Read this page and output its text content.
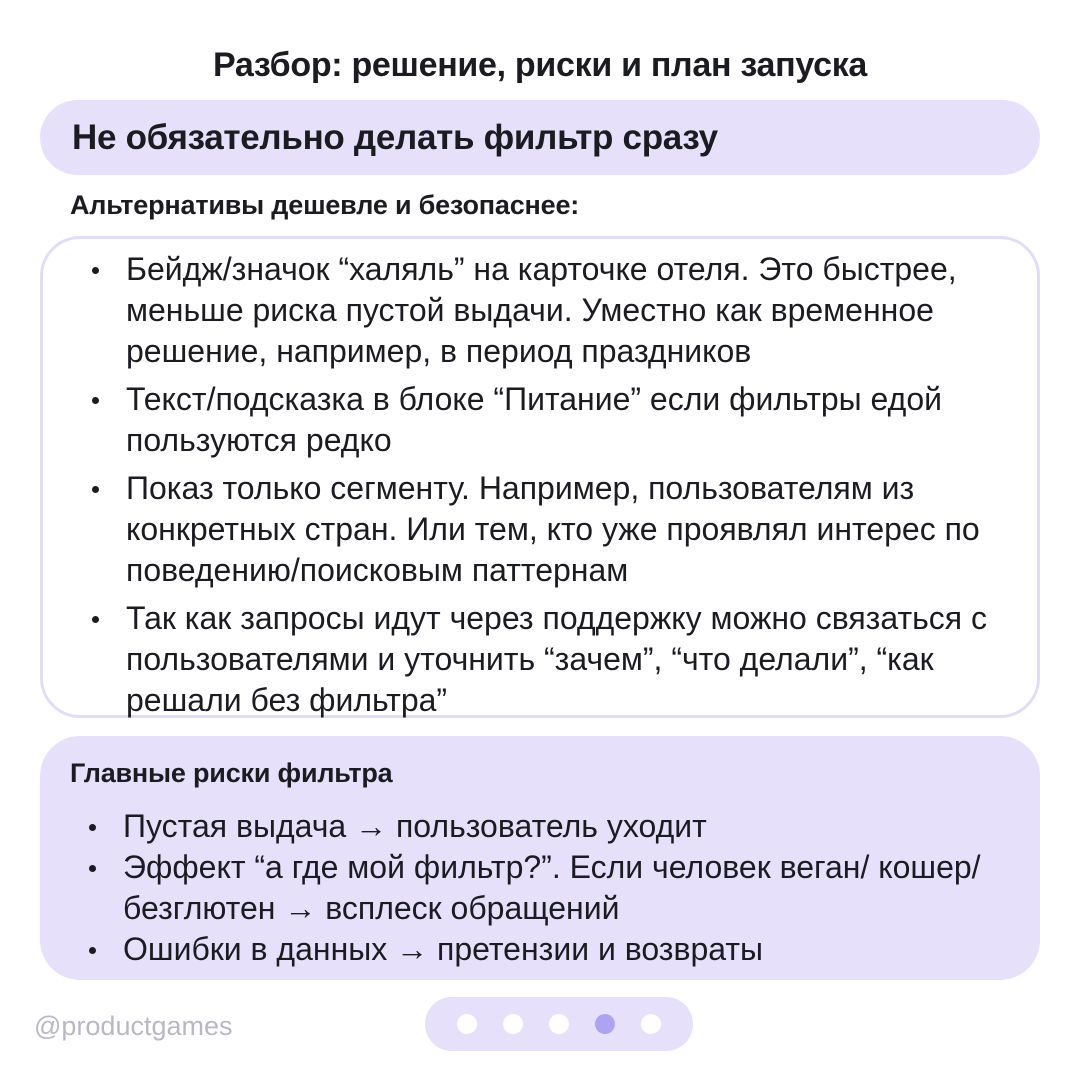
Разбор: решение, риски и план запуска
Не обязательно делать фильтр сразу
Альтернативы дешевле и безопаснее:
Бейдж/значок “халяль” на карточке отеля. Это быстрее, меньше риска пустой выдачи. Уместно как временное решение, например, в период праздников
Текст/подсказка в блоке “Питание” если фильтры едой пользуются редко
Показ только сегменту. Например, пользователям из конкретных стран. Или тем, кто уже проявлял интерес по поведению/поисковым паттернам
Так как запросы идут через поддержку можно связаться с пользователями и уточнить “зачем”, “что делали”, “как решали без фильтра”
Главные риски фильтра
Пустая выдача → пользователь уходит
Эффект “а где мой фильтр?”. Если человек веган/ кошер/безглютен → всплеск обращений
Ошибки в данных → претензии и возвраты
@productgames
